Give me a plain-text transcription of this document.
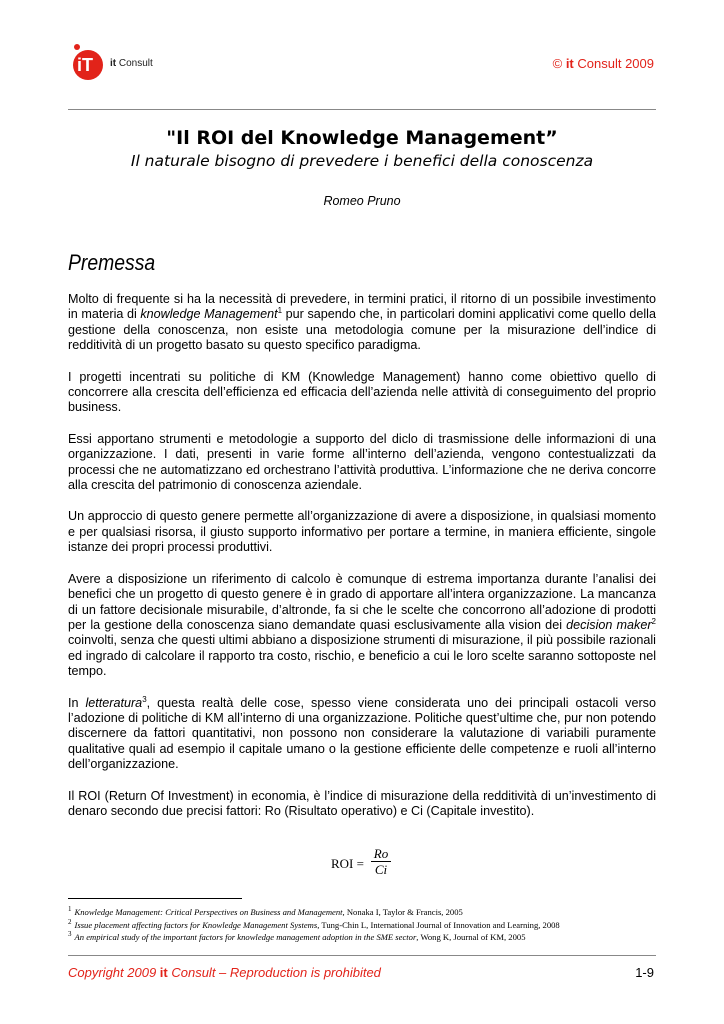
iT it Consult	© it Consult 2009
"Il ROI del Knowledge Management”
Il naturale bisogno di prevedere i benefici della conoscenza
Romeo Pruno
Premessa

Molto di frequente si ha la necessità di prevedere, in termini pratici, il ritorno di un possibile investimento in materia di knowledge Management$^1$ pur sapendo che, in particolari domini applicativi come quello della gestione della conoscenza, non esiste una metodologia comune per la misurazione dell’indice di redditività di un progetto basato su questo specifico paradigma.

I progetti incentrati su politiche di KM (Knowledge Management) hanno come obiettivo quello di concorrere alla crescita dell’efficienza ed efficacia dell’azienda nelle attività di conseguimento del proprio business.

Essi apportano strumenti e metodologie a supporto del diclo di trasmissione delle informazioni di una organizzazione. I dati, presenti in varie forme all’interno dell’azienda, vengono contestualizzati da processi che ne automatizzano ed orchestrano l’attività produttiva. L’informazione che ne deriva concorre alla crescita del patrimonio di conoscenza aziendale.

Un approccio di questo genere permette all’organizzazione di avere a disposizione, in qualsiasi momento e per qualsiasi risorsa, il giusto supporto informativo per portare a termine, in maniera efficiente, singole istanze dei propri processi produttivi.

Avere a disposizione un riferimento di calcolo è comunque di estrema importanza durante l’analisi dei benefici che un progetto di questo genere è in grado di apportare all’intera organizzazione. La mancanza di un fattore decisionale misurabile, d’altronde, fa si che le scelte che concorrono all’adozione di prodotti per la gestione della conoscenza siano demandate quasi esclusivamente alla vision dei decision maker$^2$ coinvolti, senza che questi ultimi abbiano a disposizione strumenti di misurazione, il più possibile razionali ed ingrado di calcolare il rapporto tra costo, rischio, e beneficio a cui le loro scelte saranno sottoposte nel tempo.

In letteratura$^3$, questa realtà delle cose, spesso viene considerata uno dei principali ostacoli verso l’adozione di politiche di KM all’interno di una organizzazione. Politiche quest’ultime che, pur non potendo discernere da fattori quantitativi, non possono non considerare la valutazione di variabili puramente qualitative quali ad esempio il capitale umano o la gestione efficiente delle competenze e ruoli all’interno dell’organizzazione.

Il ROI (Return Of Investment) in economia, è l’indice di misurazione della redditività di un’investimento di denaro secondo due precisi fattori: Ro (Risultato operativo) e Ci (Capitale investito).

ROI = $\frac{Ro}{Ci}$
$^1$ Knowledge Management: Critical Perspectives on Business and Management, Nonaka I, Taylor & Francis, 2005
$^2$ Issue placement affecting factors for Knowledge Management Systems, Tung-Chin L, International Journal of Innovation and Learning, 2008
$^3$ An empirical study of the important factors for knowledge management adoption in the SME sector, Wong K, Journal of KM, 2005
Copyright 2009 it Consult – Reproduction is prohibited	1-9
